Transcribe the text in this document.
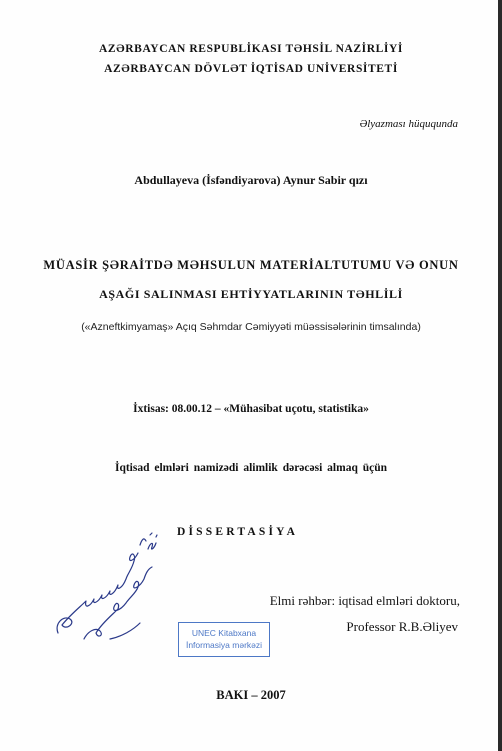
AZƏRBAYCAN RESPUBLİKASI TƏHSİL NAZİRLİYİ
AZƏRBAYCAN DÖVLƏT İQTİSAD UNİVERSİTETİ
Əlyazması hüququnda
Abdullayeva (İsfəndiyarova) Aynur Sabir qızı
MÜASİR ŞƏRAİTDƏ MƏHSULUN MATERİALTUTUMU VƏ ONUN
AŞAĞI SALINMASI EHTİYYATLARININ TƏHLİLİ
(«Azneftkimyamaş» Açıq Səhmdar Cəmiyyəti müəssisələrinin timsalında)
İxtisas: 08.00.12 – «Mühasibat uçotu, statistika»
İqtisad elmləri namizədi alimlik dərəcəsi almaq üçün
DİSSERTASİYA
Elmi rəhbər: iqtisad elmləri doktoru,
Professor R.B.Əliyev
UNEC Kitabxana
İnformasiya mərkəzi
BAKI – 2007
